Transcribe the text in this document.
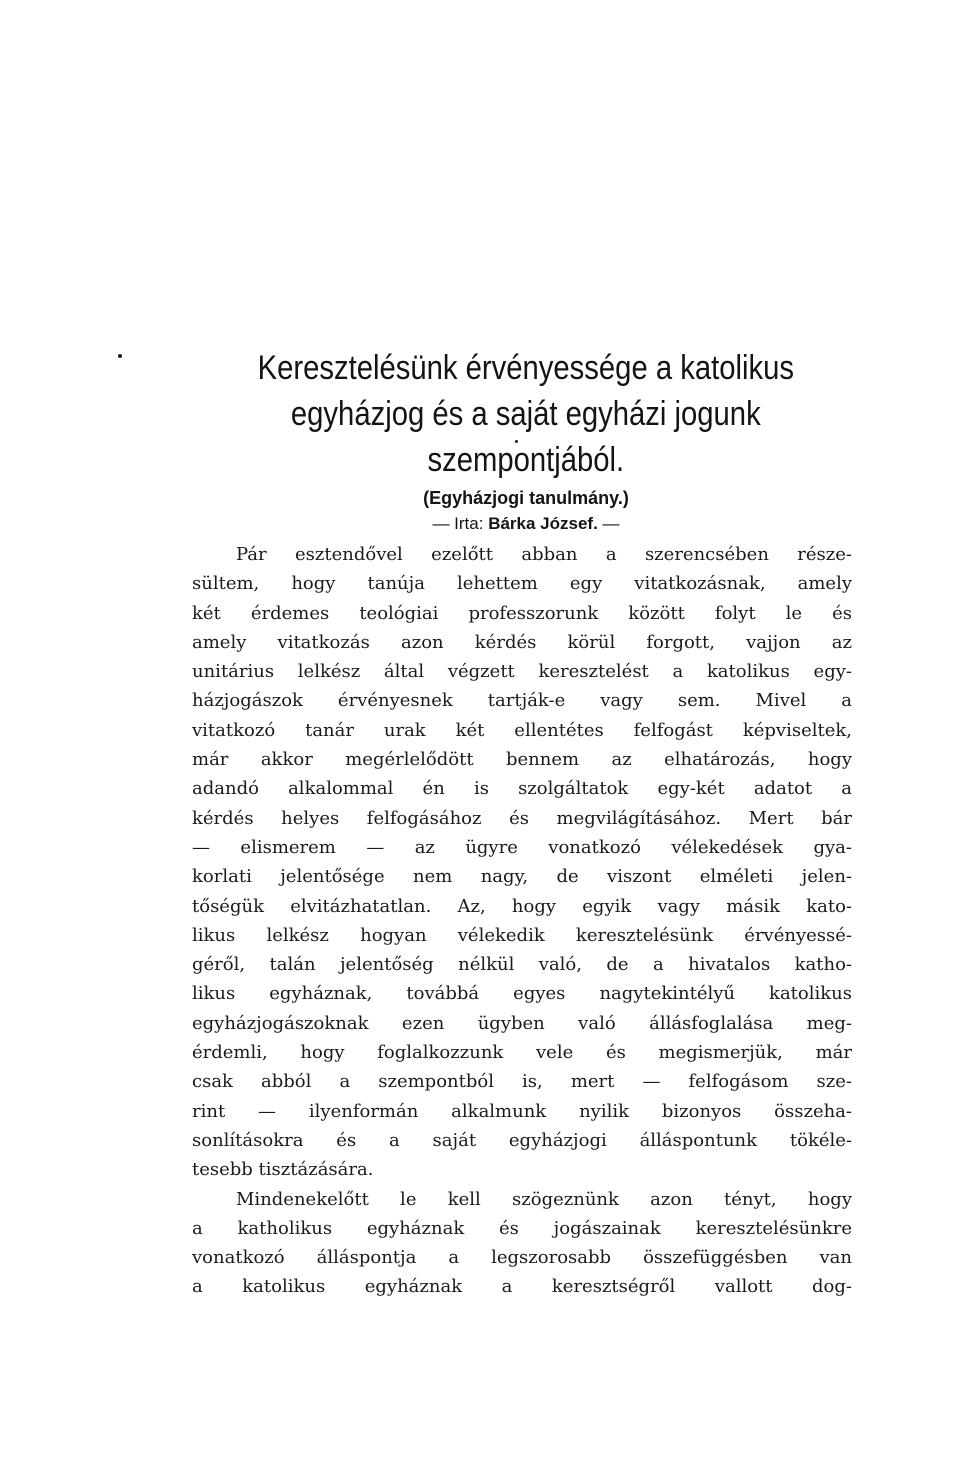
Keresztelésünk érvényessége a katolikus
egyházjog és a saját egyházi jogunk
szempontjából.
(Egyházjogi tanulmány.)
— Irta: Bárka József. —
Pár esztendővel ezelőtt abban a szerencsében része-
sültem, hogy tanúja lehettem egy vitatkozásnak, amely
két érdemes teológiai professzorunk között folyt le és
amely vitatkozás azon kérdés körül forgott, vajjon az
unitárius lelkész által végzett keresztelést a katolikus egy-
házjogászok érvényesnek tartják-e vagy sem. Mivel a
vitatkozó tanár urak két ellentétes felfogást képviseltek,
már akkor megérlelődött bennem az elhatározás, hogy
adandó alkalommal én is szolgáltatok egy-két adatot a
kérdés helyes felfogásához és megvilágításához. Mert bár
— elismerem — az ügyre vonatkozó vélekedések gya-
korlati jelentősége nem nagy, de viszont elméleti jelen-
tőségük elvitázhatatlan. Az, hogy egyik vagy másik kato-
likus lelkész hogyan vélekedik keresztelésünk érvényessé-
géről, talán jelentőség nélkül való, de a hivatalos katho-
likus egyháznak, továbbá egyes nagytekintélyű katolikus
egyházjogászoknak ezen ügyben való állásfoglalása meg-
érdemli, hogy foglalkozzunk vele és megismerjük, már
csak abból a szempontból is, mert — felfogásom sze-
rint — ilyenformán alkalmunk nyilik bizonyos összeha-
sonlításokra és a saját egyházjogi álláspontunk tökéle-
tesebb tisztázására.
Mindenekelőtt le kell szögeznünk azon tényt, hogy
a katholikus egyháznak és jogászainak keresztelésünkre
vonatkozó álláspontja a legszorosabb összefüggésben van
a katolikus egyháznak a keresztségről vallott dog-
